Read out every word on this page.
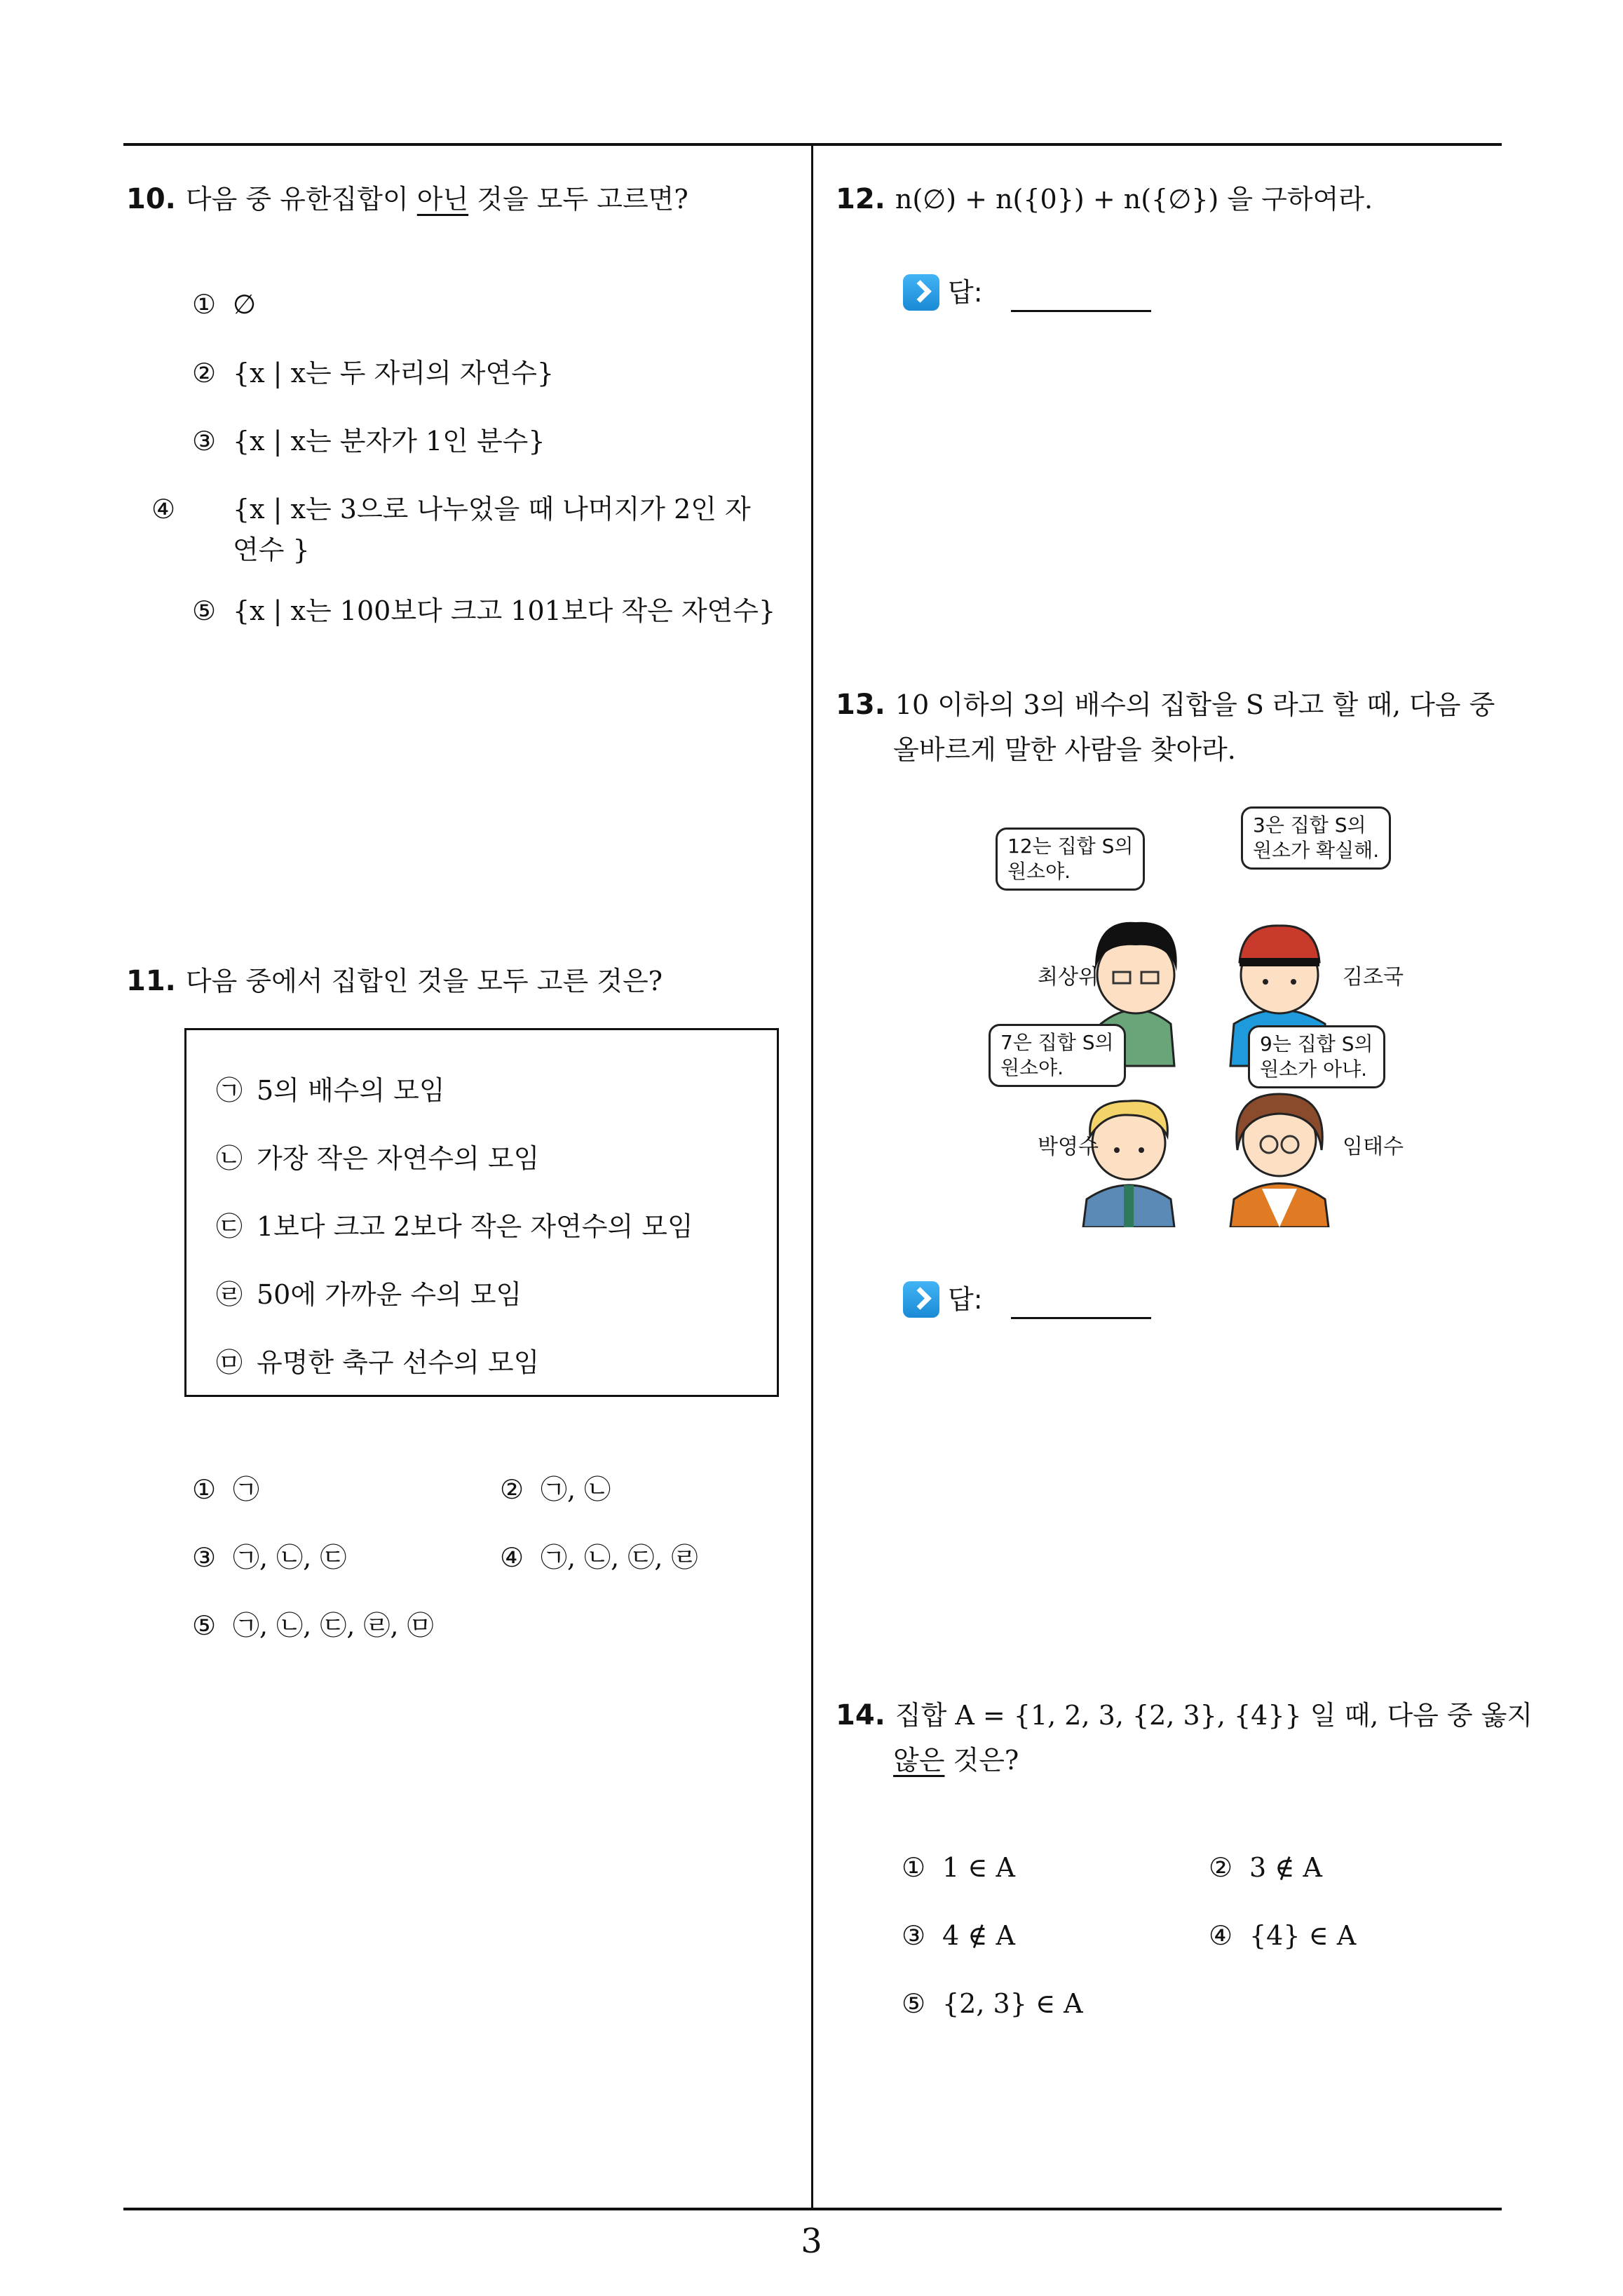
10. 다음 중 유한집합이 아닌 것을 모두 고르면?
① ∅
② {x | x는 두 자리의 자연수}
③ {x | x는 분자가 1인 분수}
④ {x | x는 3으로 나누었을 때 나머지가 2인 자연수 }
⑤ {x | x는 100보다 크고 101보다 작은 자연수}
11. 다음 중에서 집합인 것을 모두 고른 것은?
㉠ 5의 배수의 모임
㉡ 가장 작은 자연수의 모임
㉢ 1보다 크고 2보다 작은 자연수의 모임
㉣ 50에 가까운 수의 모임
㉤ 유명한 축구 선수의 모임
① ㉠	② ㉠, ㉡
③ ㉠, ㉡, ㉢	④ ㉠, ㉡, ㉢, ㉣
⑤ ㉠, ㉡, ㉢, ㉣, ㉤
12. n(∅) + n({0}) + n({∅}) 을 구하여라.
답:
13. 10 이하의 3의 배수의 집합을 S 라고 할 때, 다음 중
올바르게 말한 사람을 찾아라.
12는 집합 S의
원소야.
3은 집합 S의
원소가 확실해.
7은 집합 S의
원소야.
9는 집합 S의
원소가 아냐.
최상위	김조국
박영수	임태수
답:
14. 집합 A = {1, 2, 3, {2, 3}, {4}} 일 때, 다음 중 옳지
않은 것은?
① 1 ∈ A	② 3 ∉ A
③ 4 ∉ A	④ {4} ∈ A
⑤ {2, 3} ∈ A
3
